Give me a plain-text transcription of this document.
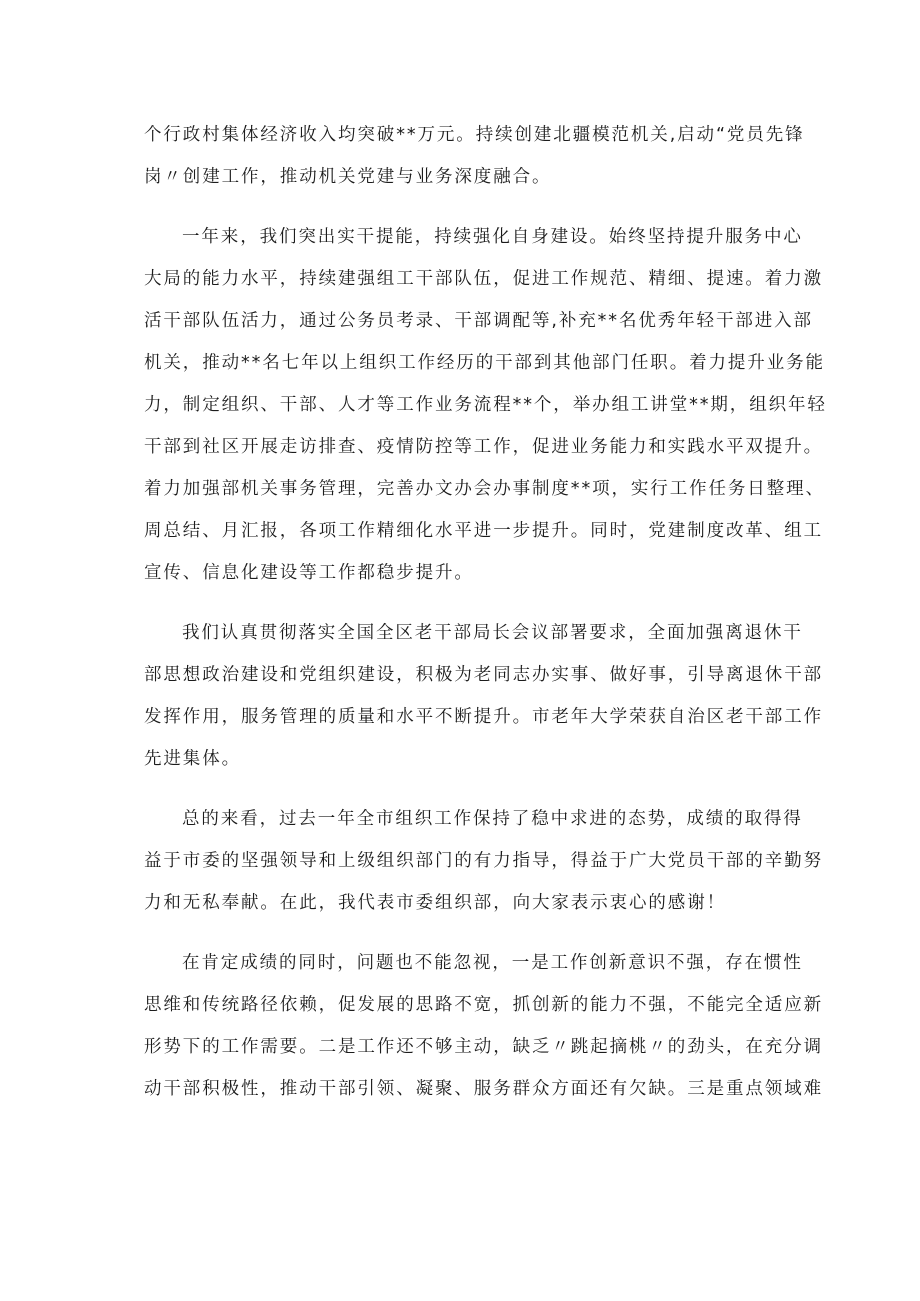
个行政村集体经济收入均突破**万元。持续创建北疆模范机关,启动“党员先锋
岗〃创建工作，推动机关党建与业务深度融合。

一年来，我们突出实干提能，持续强化自身建设。始终坚持提升服务中心
大局的能力水平，持续建强组工干部队伍，促进工作规范、精细、提速。着力激
活干部队伍活力，通过公务员考录、干部调配等,补充**名优秀年轻干部进入部
机关，推动**名七年以上组织工作经历的干部到其他部门任职。着力提升业务能
力，制定组织、干部、人才等工作业务流程**个，举办组工讲堂**期，组织年轻
干部到社区开展走访排查、疫情防控等工作，促进业务能力和实践水平双提升。
着力加强部机关事务管理，完善办文办会办事制度**项，实行工作任务日整理、
周总结、月汇报，各项工作精细化水平进一步提升。同时，党建制度改革、组工
宣传、信息化建设等工作都稳步提升。

我们认真贯彻落实全国全区老干部局长会议部署要求，全面加强离退休干
部思想政治建设和党组织建设，积极为老同志办实事、做好事，引导离退休干部
发挥作用，服务管理的质量和水平不断提升。市老年大学荣获自治区老干部工作
先进集体。

总的来看，过去一年全市组织工作保持了稳中求进的态势，成绩的取得得
益于市委的坚强领导和上级组织部门的有力指导，得益于广大党员干部的辛勤努
力和无私奉献。在此，我代表市委组织部，向大家表示衷心的感谢！

在肯定成绩的同时，问题也不能忽视，一是工作创新意识不强，存在惯性
思维和传统路径依赖，促发展的思路不宽，抓创新的能力不强，不能完全适应新
形势下的工作需要。二是工作还不够主动，缺乏〃跳起摘桃〃的劲头，在充分调
动干部积极性，推动干部引领、凝聚、服务群众方面还有欠缺。三是重点领域难
